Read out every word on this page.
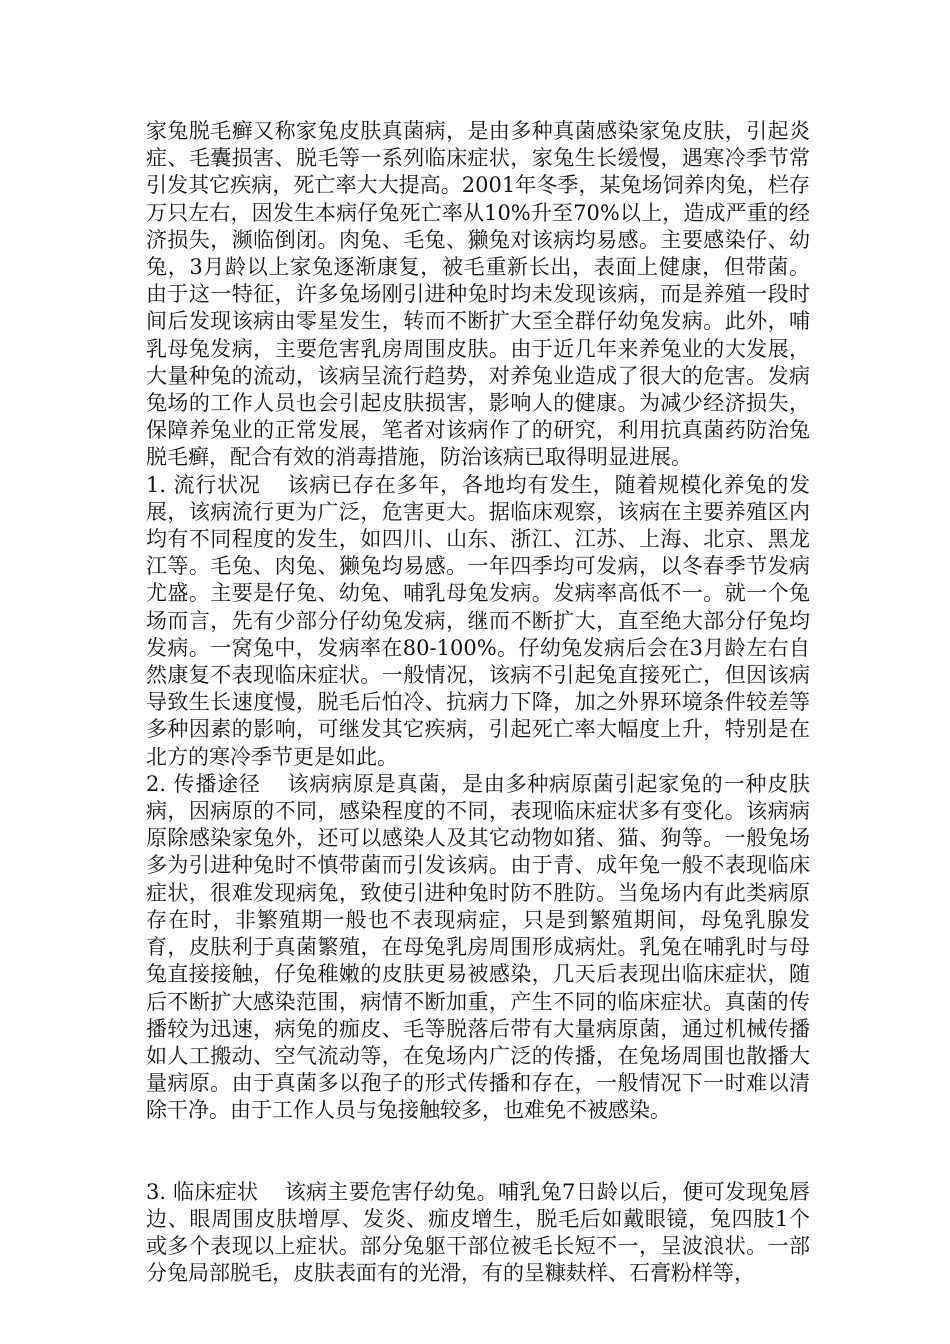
家兔脱毛癣又称家兔皮肤真菌病，是由多种真菌感染家兔皮肤，引起炎症、毛囊损害、脱毛等一系列临床症状，家兔生长缓慢，遇寒冷季节常引发其它疾病，死亡率大大提高。2001年冬季，某兔场饲养肉兔，栏存万只左右，因发生本病仔兔死亡率从10%升至70%以上，造成严重的经济损失，濒临倒闭。肉兔、毛兔、獭兔对该病均易感。主要感染仔、幼兔，3月龄以上家兔逐渐康复，被毛重新长出，表面上健康，但带菌。由于这一特征，许多兔场刚引进种兔时均未发现该病，而是养殖一段时间后发现该病由零星发生，转而不断扩大至全群仔幼兔发病。此外，哺乳母兔发病，主要危害乳房周围皮肤。由于近几年来养兔业的大发展，大量种兔的流动，该病呈流行趋势，对养兔业造成了很大的危害。发病兔场的工作人员也会引起皮肤损害，影响人的健康。为减少经济损失，保障养兔业的正常发展，笔者对该病作了的研究，利用抗真菌药防治兔脱毛癣，配合有效的消毒措施，防治该病已取得明显进展。

1. 流行状况 该病已存在多年，各地均有发生，随着规模化养兔的发展，该病流行更为广泛，危害更大。据临床观察，该病在主要养殖区内均有不同程度的发生，如四川、山东、浙江、江苏、上海、北京、黑龙江等。毛兔、肉兔、獭兔均易感。一年四季均可发病，以冬春季节发病尤盛。主要是仔兔、幼兔、哺乳母兔发病。发病率高低不一。就一个兔场而言，先有少部分仔幼兔发病，继而不断扩大，直至绝大部分仔兔均发病。一窝兔中，发病率在80-100%。仔幼兔发病后会在3月龄左右自然康复不表现临床症状。一般情况，该病不引起兔直接死亡，但因该病导致生长速度慢，脱毛后怕冷、抗病力下降，加之外界环境条件较差等多种因素的影响，可继发其它疾病，引起死亡率大幅度上升，特别是在北方的寒冷季节更是如此。

2. 传播途径 该病病原是真菌，是由多种病原菌引起家兔的一种皮肤病，因病原的不同，感染程度的不同，表现临床症状多有变化。该病病原除感染家兔外，还可以感染人及其它动物如猪、猫、狗等。一般兔场多为引进种兔时不慎带菌而引发该病。由于青、成年兔一般不表现临床症状，很难发现病兔，致使引进种兔时防不胜防。当兔场内有此类病原存在时，非繁殖期一般也不表现病症，只是到繁殖期间，母兔乳腺发育，皮肤利于真菌繁殖，在母兔乳房周围形成病灶。乳兔在哺乳时与母兔直接接触，仔兔稚嫩的皮肤更易被感染，几天后表现出临床症状，随后不断扩大感染范围，病情不断加重，产生不同的临床症状。真菌的传播较为迅速，病兔的痂皮、毛等脱落后带有大量病原菌，通过机械传播如人工搬动、空气流动等，在兔场内广泛的传播，在兔场周围也散播大量病原。由于真菌多以孢子的形式传播和存在，一般情况下一时难以清除干净。由于工作人员与兔接触较多，也难免不被感染。

3. 临床症状 该病主要危害仔幼兔。哺乳兔7日龄以后，便可发现兔唇边、眼周围皮肤增厚、发炎、痂皮增生，脱毛后如戴眼镜，兔四肢1个或多个表现以上症状。部分兔躯干部位被毛长短不一，呈波浪状。一部分兔局部脱毛，皮肤表面有的光滑，有的呈糠麸样、石膏粉样等，
